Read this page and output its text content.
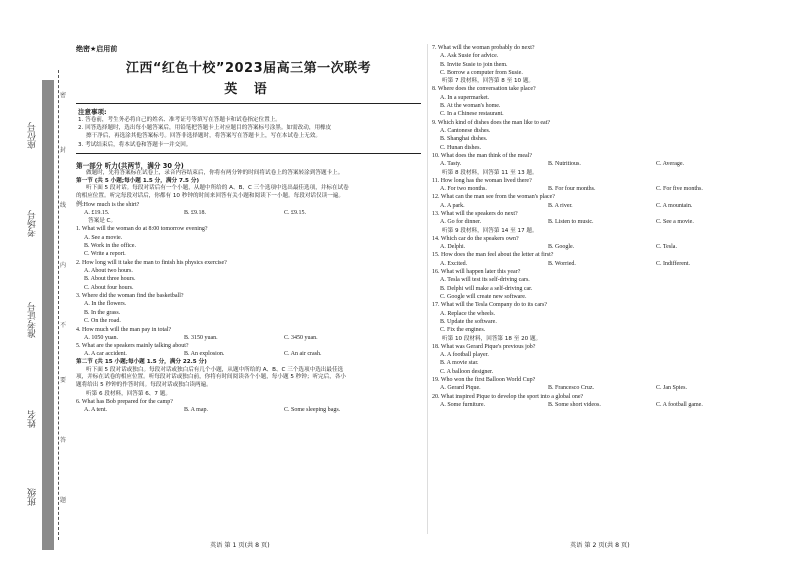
座位号
考场号
准考证号
姓名
班级
密
封
线
内
不
要
答
题
绝密★启用前
江西“红色十校”2023届高三第一次联考
英 语
注意事项:
1. 答卷前，考生务必将自己的姓名、准考证号等填写在答题卡和试卷指定位置上。
2. 回答选择题时，选出每小题答案后，用铅笔把答题卡上对应题目的答案标号涂黑。如需改动，用橡皮
擦干净后，再选涂其他答案标号。回答非选择题时，将答案写在答题卡上，写在本试卷上无效。
3. 考试结束后，将本试卷和答题卡一并交回。
第一部分 听力(共两节，满分 30 分)
做题时，先将答案标在试卷上，录音内容结束后，你将有两分钟的时间将试卷上的答案转涂到答题卡上。
第一节 (共 5 小题;每小题 1.5 分，满分 7.5 分)
听下面 5 段对话。每段对话后有一个小题，从题中所给的 A、B、C 三个选项中选出最佳选项，并标在试卷
的相应位置。听完每段对话后，你都有 10 秒钟的时间来回答有关小题和阅读下一小题。每段对话仅读一遍。
例:How much is the shirt?
A. £19.15.	B. £9.18.	C. £9.15.
答案是 C。
1. What will the woman do at 8:00 tomorrow evening?
A. See a movie.
B. Work in the office.
C. Write a report.
2. How long will it take the man to finish his physics exercise?
A. About two hours.
B. About three hours.
C. About four hours.
3. Where did the woman find the basketball?
A. In the flowers.
B. In the grass.
C. On the road.
4. How much will the man pay in total?
A. 1050 yuan.	B. 3150 yuan.	C. 3450 yuan.
5. What are the speakers mainly talking about?
A. A car accident.	B. An explosion.	C. An air crash.
第二节 (共 15 小题;每小题 1.5 分，满分 22.5 分)
听下面 5 段对话或独白。每段对话或独白后有几个小题，从题中所给的 A、B、C 三个选项中选出最佳选
项，并标在试卷的相应位置。听每段对话或独白前，你将有时间阅读各个小题，每小题 5 秒钟；听完后，各小
题将给出 5 秒钟的作答时间。每段对话或独白读两遍。
听第 6 段材料，回答第 6、7 题。
6. What has Bob prepared for the camp?
A. A tent.	B. A map.	C. Some sleeping bags.
7. What will the woman probably do next?
A. Ask Susie for advice.
B. Invite Susie to join them.
C. Borrow a computer from Susie.
听第 7 段材料，回答第 8 至 10 题。
8. Where does the conversation take place?
A. In a supermarket.
B. At the woman's home.
C. In a Chinese restaurant.
9. Which kind of dishes does the man like to eat?
A. Cantonese dishes.
B. Shanghai dishes.
C. Hunan dishes.
10. What does the man think of the meal?
A. Tasty.	B. Nutritious.	C. Average.
听第 8 段材料，回答第 11 至 13 题。
11. How long has the woman lived there?
A. For two months.	B. For four months.	C. For five months.
12. What can the man see from the woman's place?
A. A park.	B. A river.	C. A mountain.
13. What will the speakers do next?
A. Go for dinner.	B. Listen to music.	C. See a movie.
听第 9 段材料，回答第 14 至 17 题。
14. Which car do the speakers own?
A. Delphi.	B. Google.	C. Tesla.
15. How does the man feel about the letter at first?
A. Excited.	B. Worried.	C. Indifferent.
16. What will happen later this year?
A. Tesla will test its self-driving cars.
B. Delphi will make a self-driving car.
C. Google will create new software.
17. What will the Tesla Company do to its cars?
A. Replace the wheels.
B. Update the software.
C. Fix the engines.
听第 10 段材料，回答第 18 至 20 题。
18. What was Gerard Pique's previous job?
A. A football player.
B. A movie star.
C. A balloon designer.
19. Who won the first Balloon World Cup?
A. Gerard Pique.	B. Francesco Cruz.	C. Jan Spies.
20. What inspired Pique to develop the sport into a global one?
A. Some furniture.	B. Some short videos.	C. A football game.
英语 第 1 页(共 8 页)	英语 第 2 页(共 8 页)
